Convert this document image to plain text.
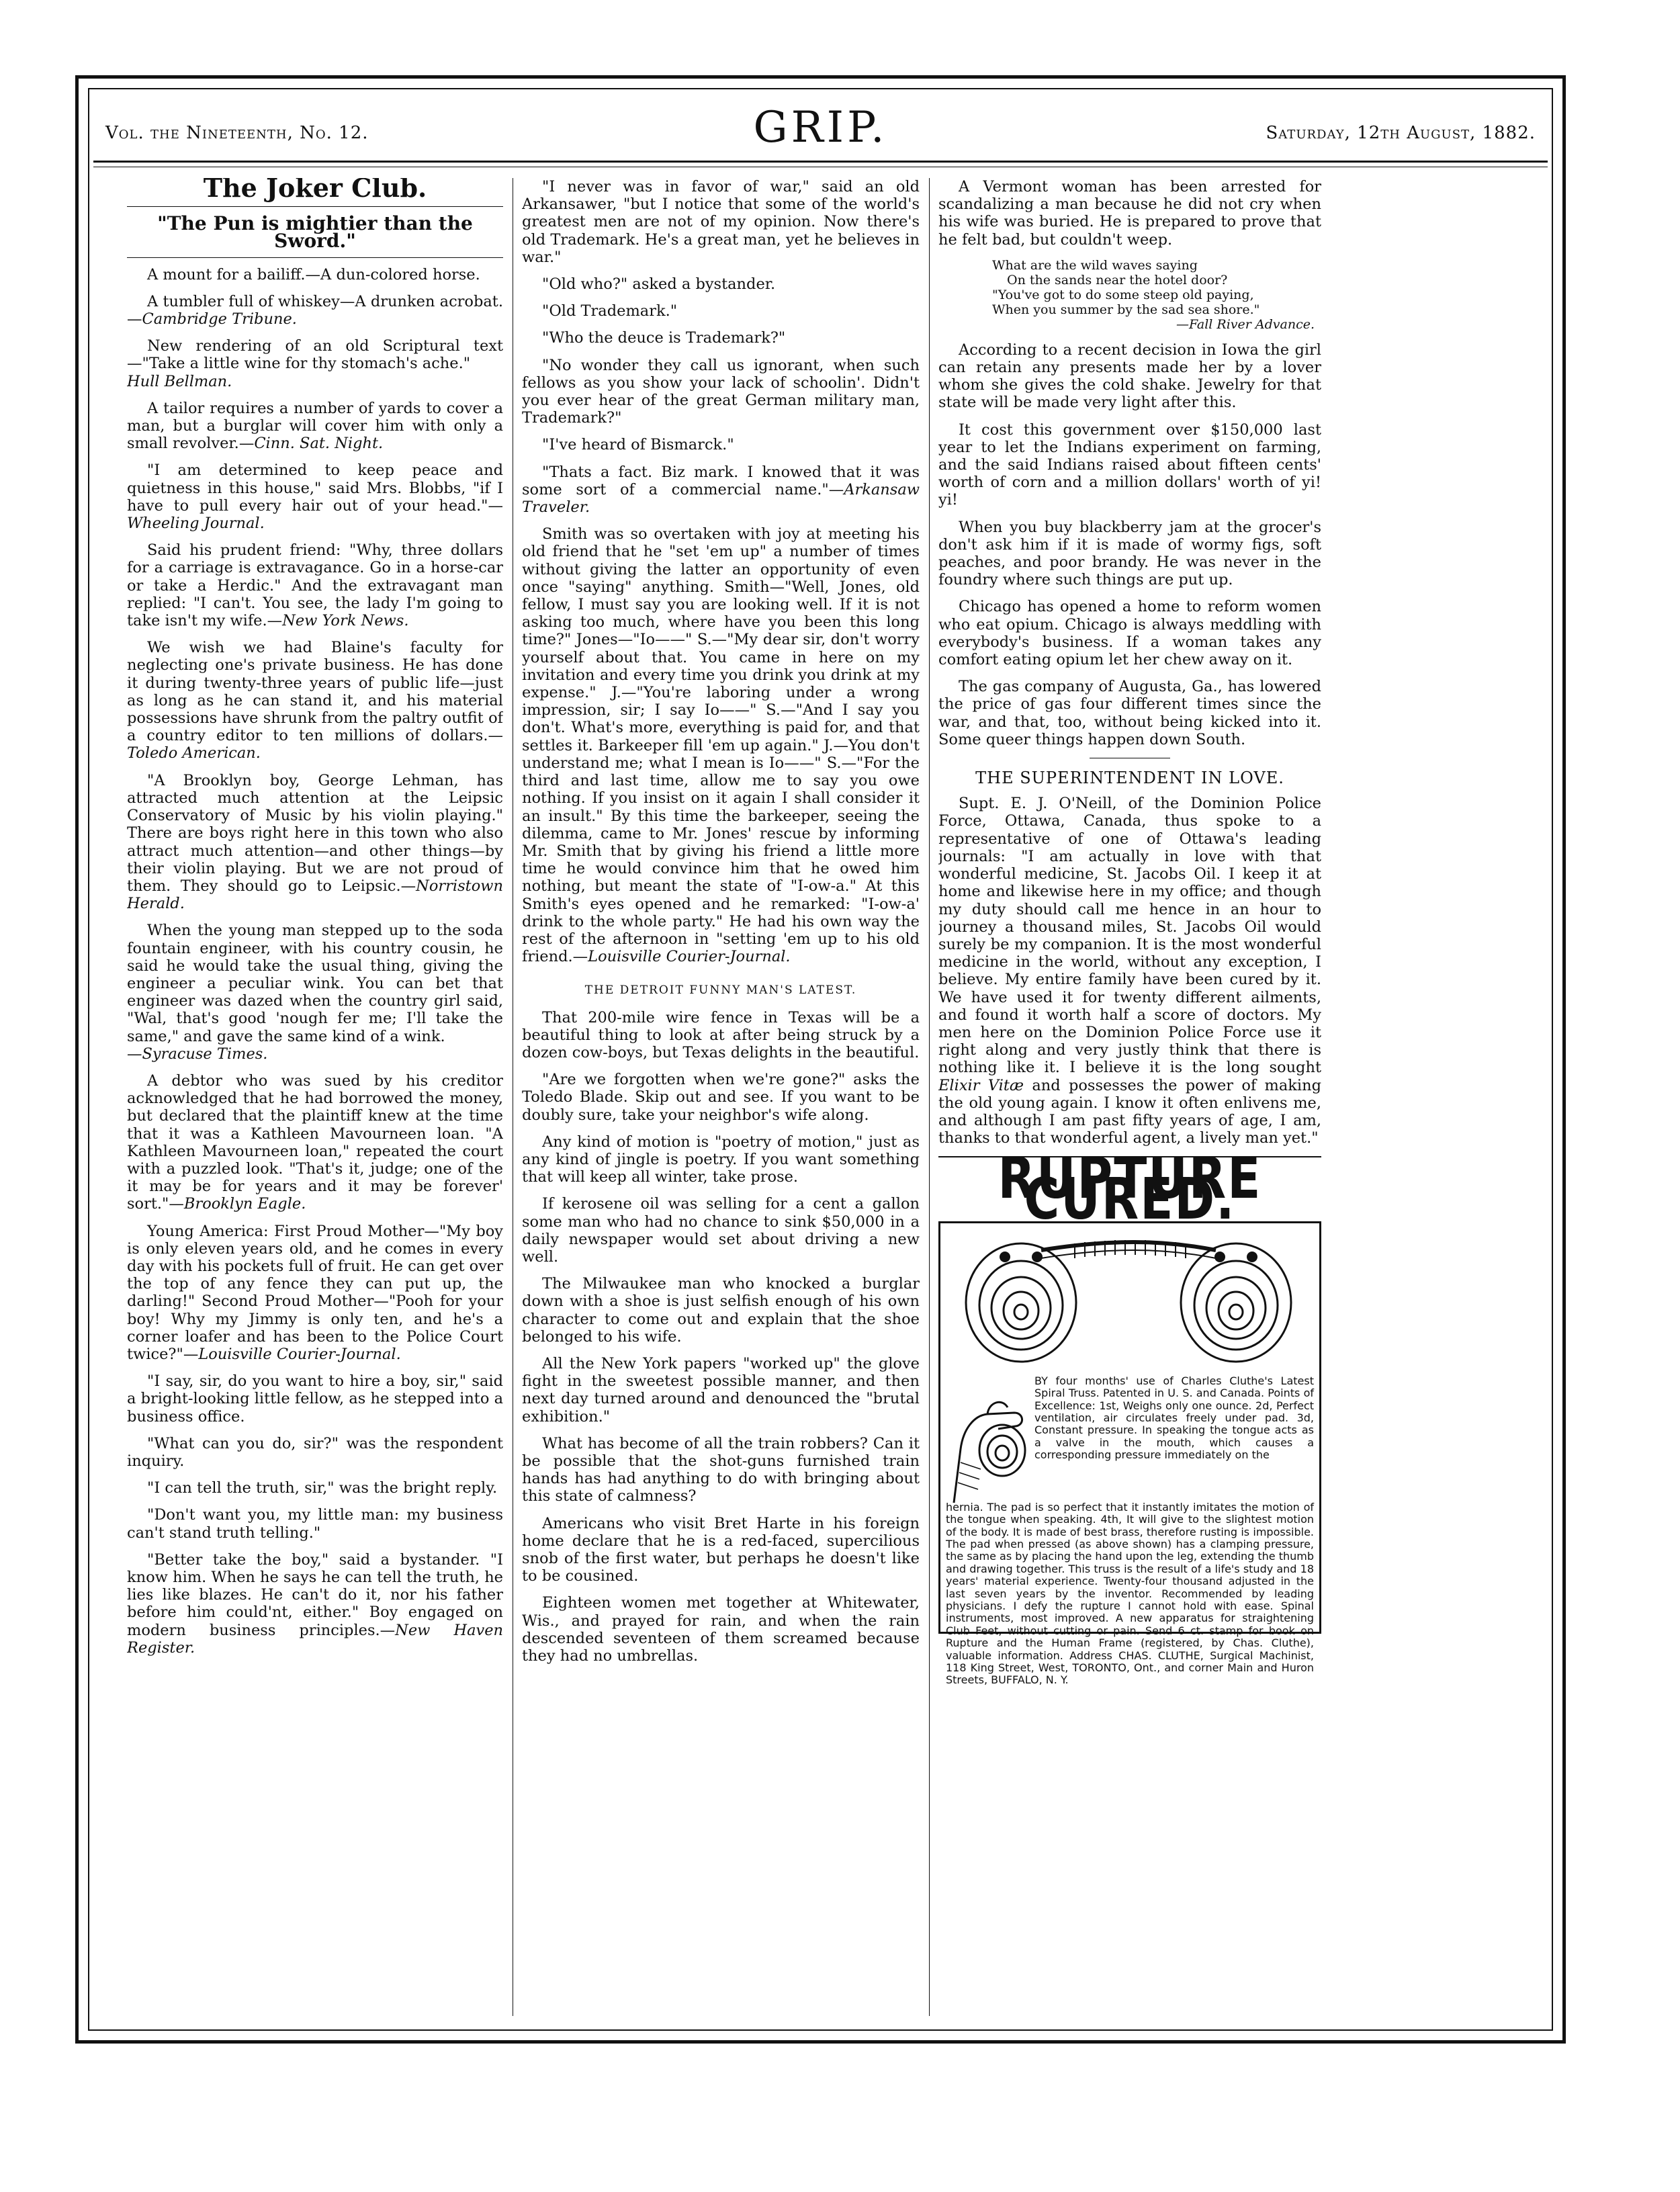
Vol. the Nineteenth, No. 12.	GRIP.	Saturday, 12th August, 1882.
The Joker Club.
"The Pun is mightier than the Sword."

A mount for a bailiff.—A dun-colored horse.

A tumbler full of whiskey—A drunken acrobat.—Cambridge Tribune.

New rendering of an old Scriptural text—"Take a little wine for thy stomach's ache."
Hull Bellman.

A tailor requires a number of yards to cover a man, but a burglar will cover him with only a small revolver.—Cinn. Sat. Night.

"I am determined to keep peace and quietness in this house," said Mrs. Blobbs, "if I have to pull every hair out of your head."—Wheeling Journal.

Said his prudent friend: "Why, three dollars for a carriage is extravagance. Go in a horse-car or take a Herdic." And the extravagant man replied: "I can't. You see, the lady I'm going to take isn't my wife.—New York News.

We wish we had Blaine's faculty for neglecting one's private business. He has done it during twenty-three years of public life—just as long as he can stand it, and his material possessions have shrunk from the paltry outfit of a country editor to ten millions of dollars.—Toledo American.

"A Brooklyn boy, George Lehman, has attracted much attention at the Leipsic Conservatory of Music by his violin playing." There are boys right here in this town who also attract much attention—and other things—by their violin playing. But we are not proud of them. They should go to Leipsic.—Norristown Herald.

When the young man stepped up to the soda fountain engineer, with his country cousin, he said he would take the usual thing, giving the engineer a peculiar wink. You can bet that engineer was dazed when the country girl said, "Wal, that's good 'nough fer me; I'll take the same," and gave the same kind of a wink.
—Syracuse Times.

A debtor who was sued by his creditor acknowledged that he had borrowed the money, but declared that the plaintiff knew at the time that it was a Kathleen Mavourneen loan. "A Kathleen Mavourneen loan," repeated the court with a puzzled look. "That's it, judge; one of the it may be for years and it may be forever' sort."—Brooklyn Eagle.

Young America: First Proud Mother—"My boy is only eleven years old, and he comes in every day with his pockets full of fruit. He can get over the top of any fence they can put up, the darling!" Second Proud Mother—"Pooh for your boy! Why my Jimmy is only ten, and he's a corner loafer and has been to the Police Court twice?"—Louisville Courier-Journal.

"I say, sir, do you want to hire a boy, sir," said a bright-looking little fellow, as he stepped into a business office.

"What can you do, sir?" was the respondent inquiry.

"I can tell the truth, sir," was the bright reply.

"Don't want you, my little man: my business can't stand truth telling."

"Better take the boy," said a bystander. "I know him. When he says he can tell the truth, he lies like blazes. He can't do it, nor his father before him could'nt, either." Boy engaged on modern business principles.—New Haven Register.

"I never was in favor of war," said an old Arkansawer, "but I notice that some of the world's greatest men are not of my opinion. Now there's old Trademark. He's a great man, yet he believes in war."

"Old who?" asked a bystander.

"Old Trademark."

"Who the deuce is Trademark?"

"No wonder they call us ignorant, when such fellows as you show your lack of schoolin'. Didn't you ever hear of the great German military man, Trademark?"

"I've heard of Bismarck."

"Thats a fact. Biz mark. I knowed that it was some sort of a commercial name."—Arkansaw Traveler.

Smith was so overtaken with joy at meeting his old friend that he "set 'em up" a number of times without giving the latter an opportunity of even once "saying" anything. Smith—"Well, Jones, old fellow, I must say you are looking well. If it is not asking too much, where have you been this long time?" Jones—"Io——" S.—"My dear sir, don't worry yourself about that. You came in here on my invitation and every time you drink you drink at my expense." J.—"You're laboring under a wrong impression, sir; I say Io——" S.—"And I say you don't. What's more, everything is paid for, and that settles it. Barkeeper fill 'em up again." J.—You don't understand me; what I mean is Io——" S.—"For the third and last time, allow me to say you owe nothing. If you insist on it again I shall consider it an insult." By this time the barkeeper, seeing the dilemma, came to Mr. Jones' rescue by informing Mr. Smith that by giving his friend a little more time he would convince him that he owed him nothing, but meant the state of "I-ow-a." At this Smith's eyes opened and he remarked: "I-ow-a' drink to the whole party." He had his own way the rest of the afternoon in "setting 'em up to his old friend.—Louisville Courier-Journal.

THE DETROIT FUNNY MAN'S LATEST.

That 200-mile wire fence in Texas will be a beautiful thing to look at after being struck by a dozen cow-boys, but Texas delights in the beautiful.

"Are we forgotten when we're gone?" asks the Toledo Blade. Skip out and see. If you want to be doubly sure, take your neighbor's wife along.

Any kind of motion is "poetry of motion," just as any kind of jingle is poetry. If you want something that will keep all winter, take prose.

If kerosene oil was selling for a cent a gallon some man who had no chance to sink $50,000 in a daily newspaper would set about driving a new well.

The Milwaukee man who knocked a burglar down with a shoe is just selfish enough of his own character to come out and explain that the shoe belonged to his wife.

All the New York papers "worked up" the glove fight in the sweetest possible manner, and then next day turned around and denounced the "brutal exhibition."

What has become of all the train robbers? Can it be possible that the shot-guns furnished train hands has had anything to do with bringing about this state of calmness?

Americans who visit Bret Harte in his foreign home declare that he is a red-faced, supercilious snob of the first water, but perhaps he doesn't like to be cousined.

Eighteen women met together at Whitewater, Wis., and prayed for rain, and when the rain descended seventeen of them screamed because they had no umbrellas.

A Vermont woman has been arrested for scandalizing a man because he did not cry when his wife was buried. He is prepared to prove that he felt bad, but couldn't weep.

What are the wild waves saying
On the sands near the hotel door?
"You've got to do some steep old paying,
When you summer by the sad sea shore."
—Fall River Advance.

According to a recent decision in Iowa the girl can retain any presents made her by a lover whom she gives the cold shake. Jewelry for that state will be made very light after this.

It cost this government over $150,000 last year to let the Indians experiment on farming, and the said Indians raised about fifteen cents' worth of corn and a million dollars' worth of yi! yi!

When you buy blackberry jam at the grocer's don't ask him if it is made of wormy figs, soft peaches, and poor brandy. He was never in the foundry where such things are put up.

Chicago has opened a home to reform women who eat opium. Chicago is always meddling with everybody's business. If a woman takes any comfort eating opium let her chew away on it.

The gas company of Augusta, Ga., has lowered the price of gas four different times since the war, and that, too, without being kicked into it. Some queer things happen down South.

THE SUPERINTENDENT IN LOVE.

Supt. E. J. O'Neill, of the Dominion Police Force, Ottawa, Canada, thus spoke to a representative of one of Ottawa's leading journals: "I am actually in love with that wonderful medicine, St. Jacobs Oil. I keep it at home and likewise here in my office; and though my duty should call me hence in an hour to journey a thousand miles, St. Jacobs Oil would surely be my companion. It is the most wonderful medicine in the world, without any exception, I believe. My entire family have been cured by it. We have used it for twenty different ailments, and found it worth half a score of doctors. My men here on the Dominion Police Force use it right along and very justly think that there is nothing like it. I believe it is the long sought Elixir Vitæ and possesses the power of making the old young again. I know it often enlivens me, and although I am past fifty years of age, I am, thanks to that wonderful agent, a lively man yet."

RUPTURE CURED.
BY four months' use of Charles Cluthe's Latest Spiral Truss. Patented in U. S. and Canada. Points of Excellence: 1st, Weighs only one ounce. 2d, Perfect ventilation, air circulates freely under pad. 3d, Constant pressure. In speaking the tongue acts as a valve in the mouth, which causes a corresponding pressure immediately on the
hernia. The pad is so perfect that it instantly imitates the motion of the tongue when speaking. 4th, It will give to the slightest motion of the body. It is made of best brass, therefore rusting is impossible. The pad when pressed (as above shown) has a clamping pressure, the same as by placing the hand upon the leg, extending the thumb and drawing together. This truss is the result of a life's study and 18 years' material experience. Twenty-four thousand adjusted in the last seven years by the inventor. Recommended by leading physicians. I defy the rupture I cannot hold with ease. Spinal instruments, most improved. A new apparatus for straightening Club Feet, without cutting or pain. Send 6 ct. stamp for book on Rupture and the Human Frame (registered, by Chas. Cluthe), valuable information. Address CHAS. CLUTHE, Surgical Machinist, 118 King Street, West, TORONTO, Ont., and corner Main and Huron Streets, BUFFALO, N. Y.
